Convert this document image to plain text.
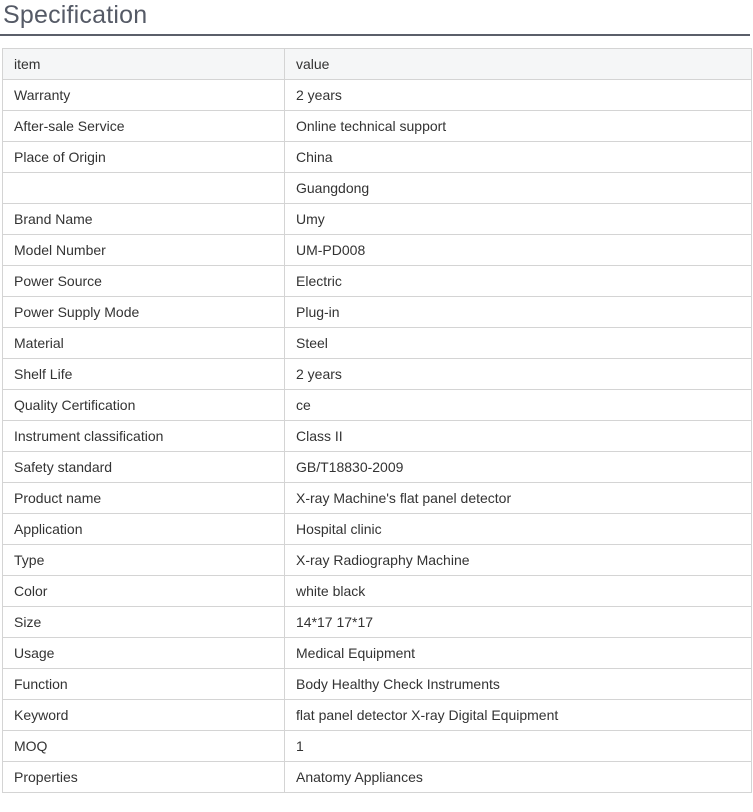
Specification
item	value
Warranty	2 years
After-sale Service	Online technical support
Place of Origin	China
	Guangdong
Brand Name	Umy
Model Number	UM-PD008
Power Source	Electric
Power Supply Mode	Plug-in
Material	Steel
Shelf Life	2 years
Quality Certification	ce
Instrument classification	Class II
Safety standard	GB/T18830-2009
Product name	X-ray Machine's flat panel detector
Application	Hospital clinic
Type	X-ray Radiography Machine
Color	white black
Size	14*17 17*17
Usage	Medical Equipment
Function	Body Healthy Check Instruments
Keyword	flat panel detector X-ray Digital Equipment
MOQ	1
Properties	Anatomy Appliances
